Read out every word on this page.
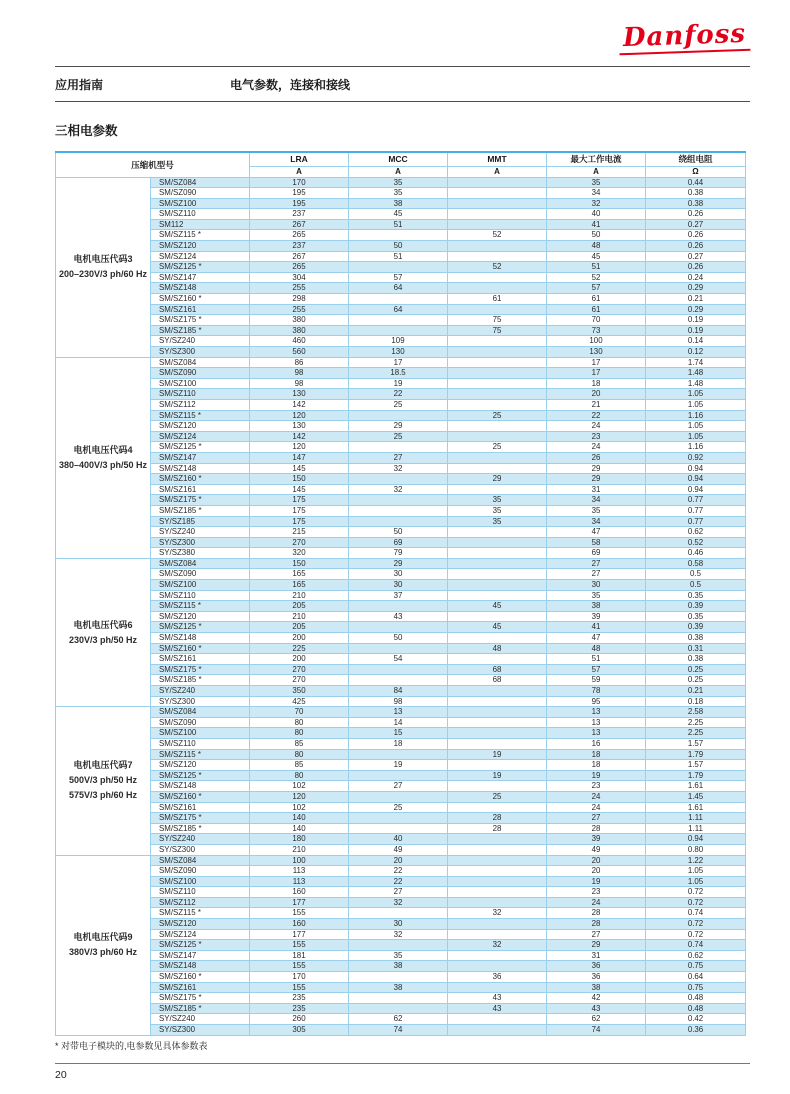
Danfoss
应用指南	电气参数，连接和接线
三相电参数
压缩机型号		LRA	MCC	MMT	最大工作电流	绕组电阻
		A	A	A	A	Ω

电机电压代码3
200–230V/3 ph/60 Hz	SM/SZ084	170	35		35	0.44
	SM/SZ090	195	35		34	0.38
	SM/SZ100	195	38		32	0.38
	SM/SZ110	237	45		40	0.26
	SM112	267	51		41	0.27
	SM/SZ115 *	265		52	50	0.26
	SM/SZ120	237	50		48	0.26
	SM/SZ124	267	51		45	0.27
	SM/SZ125 *	265		52	51	0.26
	SM/SZ147	304	57		52	0.24
	SM/SZ148	255	64		57	0.29
	SM/SZ160 *	298		61	61	0.21
	SM/SZ161	255	64		61	0.29
	SM/SZ175 *	380		75	70	0.19
	SM/SZ185 *	380		75	73	0.19
	SY/SZ240	460	109		100	0.14
	SY/SZ300	560	130		130	0.12

电机电压代码4
380–400V/3 ph/50 Hz	SM/SZ084	86	17		17	1.74
	SM/SZ090	98	18.5		17	1.48
	SM/SZ100	98	19		18	1.48
	SM/SZ110	130	22		20	1.05
	SM/SZ112	142	25		21	1.05
	SM/SZ115 *	120		25	22	1.16
	SM/SZ120	130	29		24	1.05
	SM/SZ124	142	25		23	1.05
	SM/SZ125 *	120		25	24	1.16
	SM/SZ147	147	27		26	0.92
	SM/SZ148	145	32		29	0.94
	SM/SZ160 *	150		29	29	0.94
	SM/SZ161	145	32		31	0.94
	SM/SZ175 *	175		35	34	0.77
	SM/SZ185 *	175		35	35	0.77
	SY/SZ185	175		35	34	0.77
	SY/SZ240	215	50		47	0.62
	SY/SZ300	270	69		58	0.52
	SY/SZ380	320	79		69	0.46

电机电压代码6
230V/3 ph/50 Hz	SM/SZ084	150	29		27	0.58
	SM/SZ090	165	30		27	0.5
	SM/SZ100	165	30		30	0.5
	SM/SZ110	210	37		35	0.35
	SM/SZ115 *	205		45	38	0.39
	SM/SZ120	210	43		39	0.35
	SM/SZ125 *	205		45	41	0.39
	SM/SZ148	200	50		47	0.38
	SM/SZ160 *	225		48	48	0.31
	SM/SZ161	200	54		51	0.38
	SM/SZ175 *	270		68	57	0.25
	SM/SZ185 *	270		68	59	0.25
	SY/SZ240	350	84		78	0.21
	SY/SZ300	425	98		95	0.18

电机电压代码7
500V/3 ph/50 Hz
575V/3 ph/60 Hz	SM/SZ084	70	13		13	2.58
	SM/SZ090	80	14		13	2.25
	SM/SZ100	80	15		13	2.25
	SM/SZ110	85	18		16	1.57
	SM/SZ115 *	80		19	18	1.79
	SM/SZ120	85	19		18	1.57
	SM/SZ125 *	80		19	19	1.79
	SM/SZ148	102	27		23	1.61
	SM/SZ160 *	120		25	24	1.45
	SM/SZ161	102	25		24	1.61
	SM/SZ175 *	140		28	27	1.11
	SM/SZ185 *	140		28	28	1.11
	SY/SZ240	180	40		39	0.94
	SY/SZ300	210	49		49	0.80

电机电压代码9
380V/3 ph/60 Hz	SM/SZ084	100	20		20	1.22
	SM/SZ090	113	22		20	1.05
	SM/SZ100	113	22		19	1.05
	SM/SZ110	160	27		23	0.72
	SM/SZ112	177	32		24	0.72
	SM/SZ115 *	155		32	28	0.74
	SM/SZ120	160	30		28	0.72
	SM/SZ124	177	32		27	0.72
	SM/SZ125 *	155		32	29	0.74
	SM/SZ147	181	35		31	0.62
	SM/SZ148	155	38		36	0.75
	SM/SZ160 *	170		36	36	0.64
	SM/SZ161	155	38		38	0.75
	SM/SZ175 *	235		43	42	0.48
	SM/SZ185 *	235		43	43	0.48
	SY/SZ240	260	62		62	0.42
	SY/SZ300	305	74		74	0.36
* 对带电子模块的,电参数见具体参数表
20
